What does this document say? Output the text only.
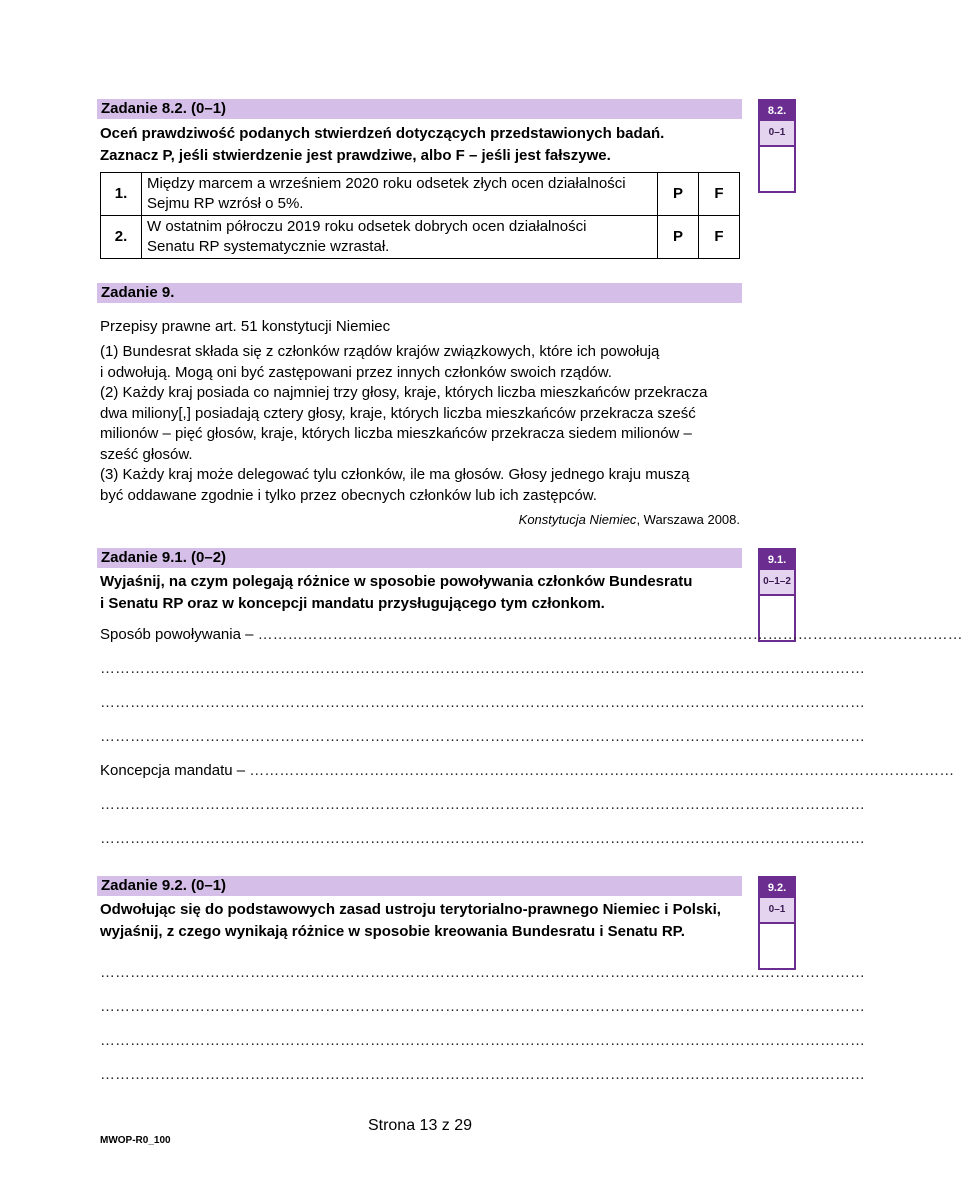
Zadanie 8.2. (0–1)
Oceń prawdziwość podanych stwierdzeń dotyczących przedstawionych badań.
Zaznacz P, jeśli stwierdzenie jest prawdziwe, albo F – jeśli jest fałszywe.
8.2.
0–1
1.	Między marcem a wrześniem 2020 roku odsetek złych ocen działalności
Sejmu RP wzrósł o 5%.	P	F
2.	W ostatnim półroczu 2019 roku odsetek dobrych ocen działalności
Senatu RP systematycznie wzrastał.	P	F
Zadanie 9.
Przepisy prawne art. 51 konstytucji Niemiec
(1) Bundesrat składa się z członków rządów krajów związkowych, które ich powołują
i odwołują. Mogą oni być zastępowani przez innych członków swoich rządów.
(2) Każdy kraj posiada co najmniej trzy głosy, kraje, których liczba mieszkańców przekracza
dwa miliony[,] posiadają cztery głosy, kraje, których liczba mieszkańców przekracza sześć
milionów – pięć głosów, kraje, których liczba mieszkańców przekracza siedem milionów –
sześć głosów.
(3) Każdy kraj może delegować tylu członków, ile ma głosów. Głosy jednego kraju muszą
być oddawane zgodnie i tylko przez obecnych członków lub ich zastępców.
Konstytucja Niemiec, Warszawa 2008.
Zadanie 9.1. (0–2)
Wyjaśnij, na czym polegają różnice w sposobie powoływania członków Bundesratu
i Senatu RP oraz w koncepcji mandatu przysługującego tym członkom.
9.1.
0–1–2
Sposób powoływania – ……………………………………………………………………………………………………………………………
………………………………………………………………………………………………………………………………………
………………………………………………………………………………………………………………………………………
………………………………………………………………………………………………………………………………………
Koncepcja mandatu – ……………………………………………………………………………………………………………………………
………………………………………………………………………………………………………………………………………
………………………………………………………………………………………………………………………………………
Zadanie 9.2. (0–1)
Odwołując się do podstawowych zasad ustroju terytorialno-prawnego Niemiec i Polski,
wyjaśnij, z czego wynikają różnice w sposobie kreowania Bundesratu i Senatu RP.
9.2.
0–1
………………………………………………………………………………………………………………………………………
………………………………………………………………………………………………………………………………………
………………………………………………………………………………………………………………………………………
………………………………………………………………………………………………………………………………………
Strona 13 z 29
MWOP-R0_100
